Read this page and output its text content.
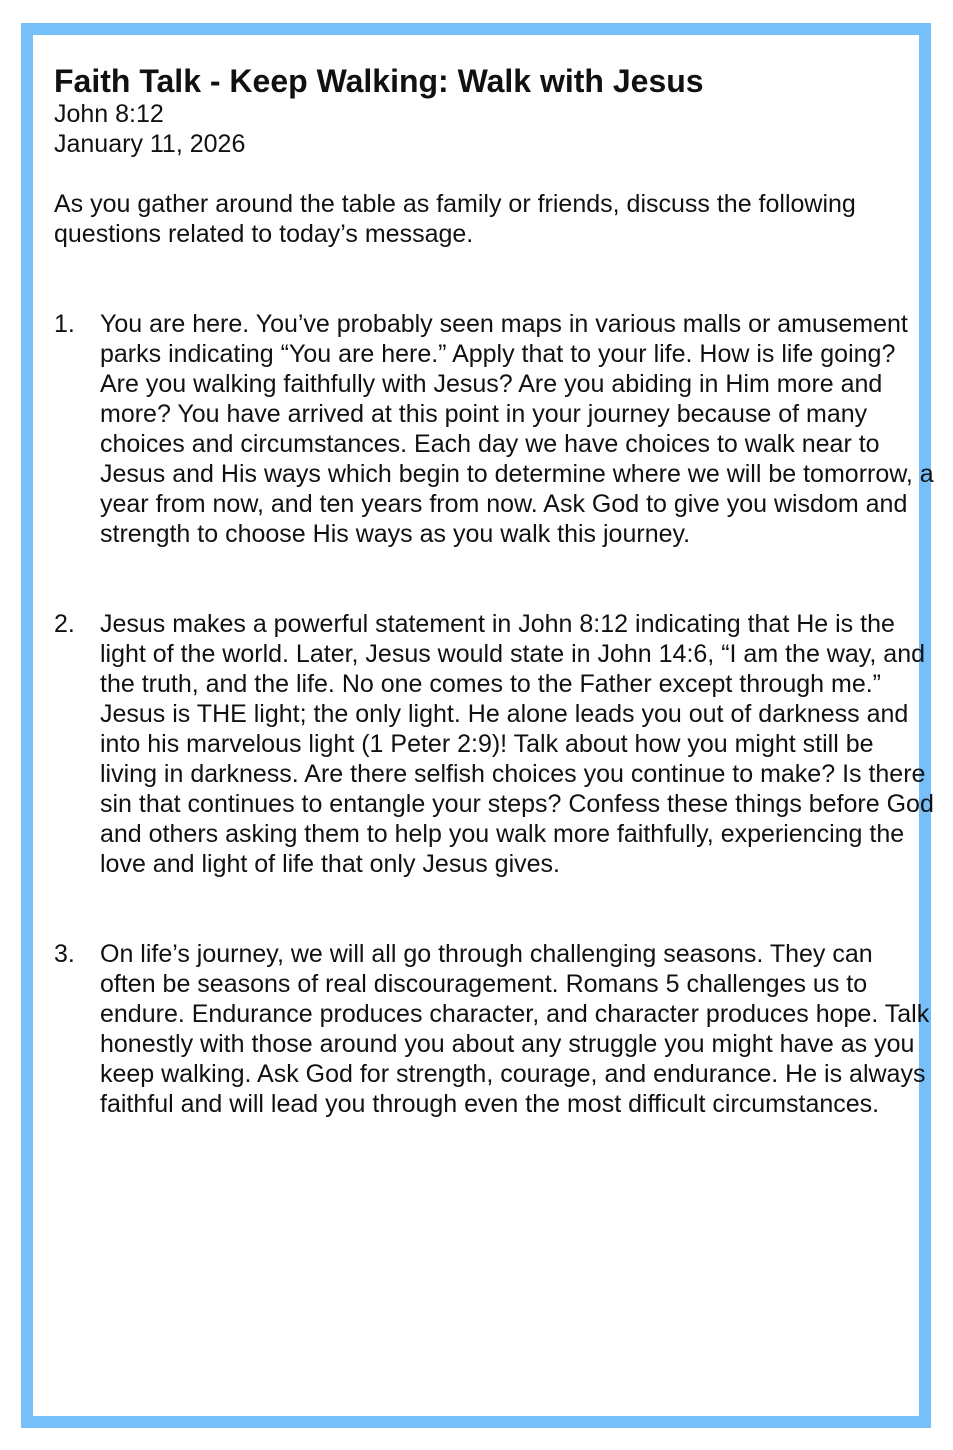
Faith Talk - Keep Walking: Walk with Jesus

John 8:12

January 11, 2026

As you gather around the table as family or friends, discuss the following questions related to today’s message.

1. You are here. You’ve probably seen maps in various malls or amusement parks indicating “You are here.” Apply that to your life. How is life going? Are you walking faithfully with Jesus? Are you abiding in Him more and more? You have arrived at this point in your journey because of many choices and circumstances. Each day we have choices to walk near to Jesus and His ways which begin to determine where we will be tomorrow, a year from now, and ten years from now. Ask God to give you wisdom and strength to choose His ways as you walk this journey.
2. Jesus makes a powerful statement in John 8:12 indicating that He is the light of the world. Later, Jesus would state in John 14:6, “I am the way, and the truth, and the life. No one comes to the Father except through me.” Jesus is THE light; the only light. He alone leads you out of darkness and into his marvelous light (1 Peter 2:9)! Talk about how you might still be living in darkness. Are there selfish choices you continue to make? Is there sin that continues to entangle your steps? Confess these things before God and others asking them to help you walk more faithfully, experiencing the love and light of life that only Jesus gives.
3. On life’s journey, we will all go through challenging seasons. They can often be seasons of real discouragement. Romans 5 challenges us to endure. Endurance produces character, and character produces hope. Talk honestly with those around you about any struggle you might have as you keep walking. Ask God for strength, courage, and endurance. He is always faithful and will lead you through even the most difficult circumstances.
